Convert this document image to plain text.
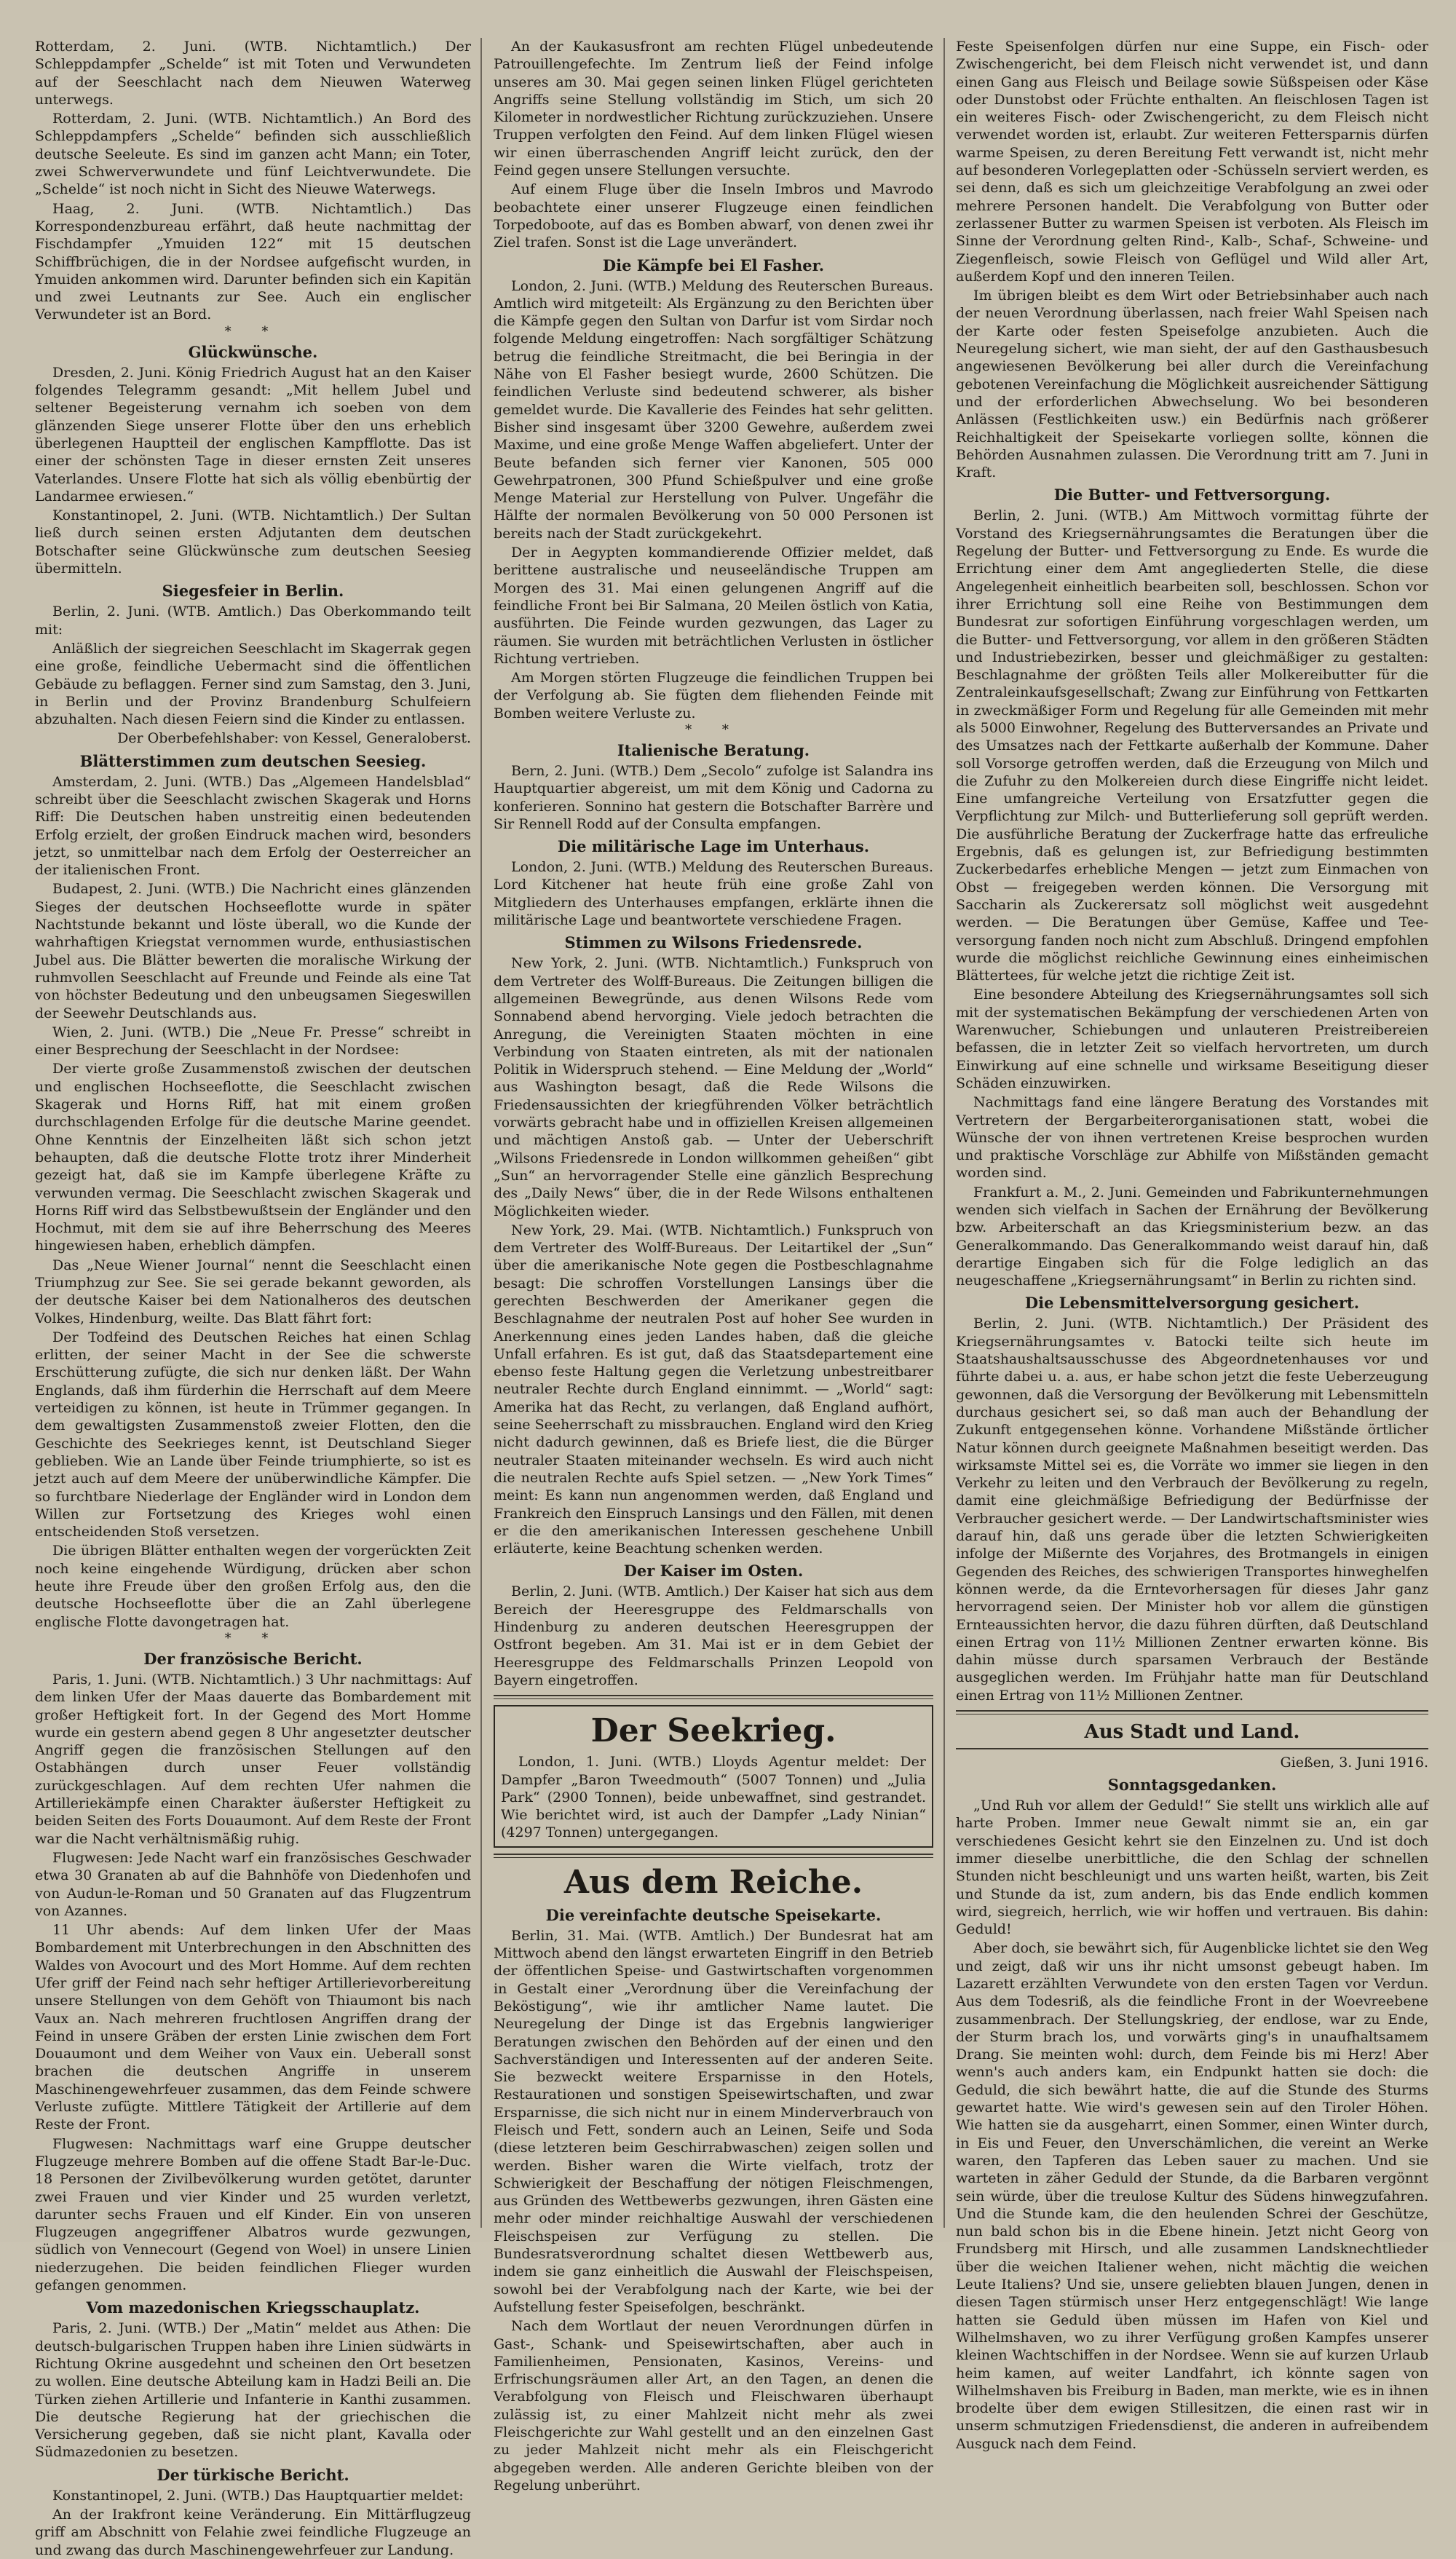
Rotterdam, 2. Juni. (WTB. Nichtamtlich.) Der Schleppdampfer „Schelde“ ist mit Toten und Verwundeten auf der Seeschlacht nach dem Nieuwen Waterweg unterwegs.

Rotterdam, 2. Juni. (WTB. Nichtamtlich.) An Bord des Schleppdampfers „Schelde“ befinden sich ausschließlich deutsche Seeleute. Es sind im ganzen acht Mann; ein Toter, zwei Schwerverwundete und fünf Leichtverwundete. Die „Schelde“ ist noch nicht in Sicht des Nieuwe Waterwegs.

Haag, 2. Juni. (WTB. Nichtamtlich.) Das Korrespondenzbureau erfährt, daß heute nachmittag der Fischdampfer „Ymuiden 122“ mit 15 deutschen Schiffbrüchigen, die in der Nordsee aufgefischt wurden, in Ymuiden ankommen wird. Darunter befinden sich ein Kapitän und zwei Leutnants zur See. Auch ein englischer Verwundeter ist an Bord.

* *
Glückwünsche.

Dresden, 2. Juni. König Friedrich August hat an den Kaiser folgendes Telegramm gesandt: „Mit hellem Jubel und seltener Begeisterung vernahm ich soeben von dem glänzenden Siege unserer Flotte über den uns erheblich überlegenen Hauptteil der englischen Kampfflotte. Das ist einer der schönsten Tage in dieser ernsten Zeit unseres Vaterlandes. Unsere Flotte hat sich als völlig ebenbürtig der Landarmee erwiesen.“

Konstantinopel, 2. Juni. (WTB. Nichtamtlich.) Der Sultan ließ durch seinen ersten Adjutanten dem deutschen Botschafter seine Glückwünsche zum deutschen Seesieg übermitteln.

Siegesfeier in Berlin.

Berlin, 2. Juni. (WTB. Amtlich.) Das Oberkommando teilt mit:

Anläßlich der siegreichen Seeschlacht im Skagerrak gegen eine große, feindliche Uebermacht sind die öffentlichen Gebäude zu beflaggen. Ferner sind zum Samstag, den 3. Juni, in Berlin und der Provinz Brandenburg Schulfeiern abzuhalten. Nach diesen Feiern sind die Kinder zu entlassen.

Der Oberbefehlshaber: von Kessel, Generaloberst.

Blätterstimmen zum deutschen Seesieg.

Amsterdam, 2. Juni. (WTB.) Das „Algemeen Handelsblad“ schreibt über die Seeschlacht zwischen Skagerak und Horns Riff: Die Deutschen haben unstreitig einen bedeutenden Erfolg erzielt, der großen Eindruck machen wird, besonders jetzt, so unmittelbar nach dem Erfolg der Oesterreicher an der italienischen Front.

Budapest, 2. Juni. (WTB.) Die Nachricht eines glänzenden Sieges der deutschen Hochseeflotte wurde in später Nachtstunde bekannt und löste überall, wo die Kunde der wahrhaftigen Kriegstat vernommen wurde, enthusiastischen Jubel aus. Die Blätter bewerten die moralische Wirkung der ruhmvollen Seeschlacht auf Freunde und Feinde als eine Tat von höchster Bedeutung und den unbeugsamen Siegeswillen der Seewehr Deutschlands aus.

Wien, 2. Juni. (WTB.) Die „Neue Fr. Presse“ schreibt in einer Besprechung der Seeschlacht in der Nordsee:

Der vierte große Zusammenstoß zwischen der deutschen und englischen Hochseeflotte, die Seeschlacht zwischen Skagerak und Horns Riff, hat mit einem großen durchschlagenden Erfolge für die deutsche Marine geendet. Ohne Kenntnis der Einzelheiten läßt sich schon jetzt behaupten, daß die deutsche Flotte trotz ihrer Minderheit gezeigt hat, daß sie im Kampfe überlegene Kräfte zu verwunden vermag. Die Seeschlacht zwischen Skagerak und Horns Riff wird das Selbstbewußtsein der Engländer und den Hochmut, mit dem sie auf ihre Beherrschung des Meeres hingewiesen haben, erheblich dämpfen.

Das „Neue Wiener Journal“ nennt die Seeschlacht einen Triumphzug zur See. Sie sei gerade bekannt geworden, als der deutsche Kaiser bei dem Nationalheros des deutschen Volkes, Hindenburg, weilte. Das Blatt fährt fort:

Der Todfeind des Deutschen Reiches hat einen Schlag erlitten, der seiner Macht in der See die schwerste Erschütterung zufügte, die sich nur denken läßt. Der Wahn Englands, daß ihm fürderhin die Herrschaft auf dem Meere verteidigen zu können, ist heute in Trümmer gegangen. In dem gewaltigsten Zusammenstoß zweier Flotten, den die Geschichte des Seekrieges kennt, ist Deutschland Sieger geblieben. Wie an Lande über Feinde triumphierte, so ist es jetzt auch auf dem Meere der unüberwindliche Kämpfer. Die so furchtbare Niederlage der Engländer wird in London dem Willen zur Fortsetzung des Krieges wohl einen entscheidenden Stoß versetzen.

Die übrigen Blätter enthalten wegen der vorgerückten Zeit noch keine eingehende Würdigung, drücken aber schon heute ihre Freude über den großen Erfolg aus, den die deutsche Hochseeflotte über die an Zahl überlegene englische Flotte davongetragen hat.

* *
Der französische Bericht.

Paris, 1. Juni. (WTB. Nichtamtlich.) 3 Uhr nachmittags: Auf dem linken Ufer der Maas dauerte das Bombardement mit großer Heftigkeit fort. In der Gegend des Mort Homme wurde ein gestern abend gegen 8 Uhr angesetzter deutscher Angriff gegen die französischen Stellungen auf den Ostabhängen durch unser Feuer vollständig zurückgeschlagen. Auf dem rechten Ufer nahmen die Artilleriekämpfe einen Charakter äußerster Heftigkeit zu beiden Seiten des Forts Douaumont. Auf dem Reste der Front war die Nacht verhältnismäßig ruhig.

Flugwesen: Jede Nacht warf ein französisches Geschwader etwa 30 Granaten ab auf die Bahnhöfe von Diedenhofen und von Audun-le-Roman und 50 Granaten auf das Flugzentrum von Azannes.

11 Uhr abends: Auf dem linken Ufer der Maas Bombardement mit Unterbrechungen in den Abschnitten des Waldes von Avocourt und des Mort Homme. Auf dem rechten Ufer griff der Feind nach sehr heftiger Artillerievorbereitung unsere Stellungen von dem Gehöft von Thiaumont bis nach Vaux an. Nach mehreren fruchtlosen Angriffen drang der Feind in unsere Gräben der ersten Linie zwischen dem Fort Douaumont und dem Weiher von Vaux ein. Ueberall sonst brachen die deutschen Angriffe in unserem Maschinengewehrfeuer zusammen, das dem Feinde schwere Verluste zufügte. Mittlere Tätigkeit der Artillerie auf dem Reste der Front.

Flugwesen: Nachmittags warf eine Gruppe deutscher Flugzeuge mehrere Bomben auf die offene Stadt Bar-le-Duc. 18 Personen der Zivilbevölkerung wurden getötet, darunter zwei Frauen und vier Kinder und 25 wurden verletzt, darunter sechs Frauen und elf Kinder. Ein von unseren Flugzeugen angegriffener Albatros wurde gezwungen, südlich von Vennecourt (Gegend von Woel) in unsere Linien niederzugehen. Die beiden feindlichen Flieger wurden gefangen genommen.

Vom mazedonischen Kriegsschauplatz.

Paris, 2. Juni. (WTB.) Der „Matin“ meldet aus Athen: Die deutsch-bulgarischen Truppen haben ihre Linien südwärts in Richtung Okrine ausgedehnt und scheinen den Ort besetzen zu wollen. Eine deutsche Abteilung kam in Hadzi Beili an. Die Türken ziehen Artillerie und Infanterie in Kanthi zusammen. Die deutsche Regierung hat der griechischen die Versicherung gegeben, daß sie nicht plant, Kavalla oder Südmazedonien zu besetzen.

Der türkische Bericht.

Konstantinopel, 2. Juni. (WTB.) Das Hauptquartier meldet:

An der Irakfront keine Veränderung. Ein Mittärflugzeug griff am Abschnitt von Felahie zwei feindliche Flugzeuge an und zwang das durch Maschinengewehrfeuer zur Landung.

An der Kaukasusfront am rechten Flügel unbedeutende Patrouillengefechte. Im Zentrum ließ der Feind infolge unseres am 30. Mai gegen seinen linken Flügel gerichteten Angriffs seine Stellung vollständig im Stich, um sich 20 Kilometer in nordwestlicher Richtung zurückzuziehen. Unsere Truppen verfolgten den Feind. Auf dem linken Flügel wiesen wir einen überraschenden Angriff leicht zurück, den der Feind gegen unsere Stellungen versuchte.

Auf einem Fluge über die Inseln Imbros und Mavrodo beobachtete einer unserer Flugzeuge einen feindlichen Torpedoboote, auf das es Bomben abwarf, von denen zwei ihr Ziel trafen. Sonst ist die Lage unverändert.

Die Kämpfe bei El Fasher.

London, 2. Juni. (WTB.) Meldung des Reuterschen Bureaus. Amtlich wird mitgeteilt: Als Ergänzung zu den Berichten über die Kämpfe gegen den Sultan von Darfur ist vom Sirdar noch folgende Meldung eingetroffen: Nach sorgfältiger Schätzung betrug die feindliche Streitmacht, die bei Beringia in der Nähe von El Fasher besiegt wurde, 2600 Schützen. Die feindlichen Verluste sind bedeutend schwerer, als bisher gemeldet wurde. Die Kavallerie des Feindes hat sehr gelitten. Bisher sind insgesamt über 3200 Gewehre, außerdem zwei Maxime, und eine große Menge Waffen abgeliefert. Unter der Beute befanden sich ferner vier Kanonen, 505 000 Gewehrpatronen, 300 Pfund Schießpulver und eine große Menge Material zur Herstellung von Pulver. Ungefähr die Hälfte der normalen Bevölkerung von 50 000 Personen ist bereits nach der Stadt zurückgekehrt.

Der in Aegypten kommandierende Offizier meldet, daß berittene australische und neuseeländische Truppen am Morgen des 31. Mai einen gelungenen Angriff auf die feindliche Front bei Bir Salmana, 20 Meilen östlich von Katia, ausführten. Die Feinde wurden gezwungen, das Lager zu räumen. Sie wurden mit beträchtlichen Verlusten in östlicher Richtung vertrieben.

Am Morgen störten Flugzeuge die feindlichen Truppen bei der Verfolgung ab. Sie fügten dem fliehenden Feinde mit Bomben weitere Verluste zu.

* *
Italienische Beratung.

Bern, 2. Juni. (WTB.) Dem „Secolo“ zufolge ist Salandra ins Hauptquartier abgereist, um mit dem König und Cadorna zu konferieren. Sonnino hat gestern die Botschafter Barrère und Sir Rennell Rodd auf der Consulta empfangen.

Die militärische Lage im Unterhaus.

London, 2. Juni. (WTB.) Meldung des Reuterschen Bureaus. Lord Kitchener hat heute früh eine große Zahl von Mitgliedern des Unterhauses empfangen, erklärte ihnen die militärische Lage und beantwortete verschiedene Fragen.

Stimmen zu Wilsons Friedensrede.

New York, 2. Juni. (WTB. Nichtamtlich.) Funkspruch von dem Vertreter des Wolff-Bureaus. Die Zeitungen billigen die allgemeinen Bewegründe, aus denen Wilsons Rede vom Sonnabend abend hervorging. Viele jedoch betrachten die Anregung, die Vereinigten Staaten möchten in eine Verbindung von Staaten eintreten, als mit der nationalen Politik in Widerspruch stehend. — Eine Meldung der „World“ aus Washington besagt, daß die Rede Wilsons die Friedensaussichten der kriegführenden Völker beträchtlich vorwärts gebracht habe und in offiziellen Kreisen allgemeinen und mächtigen Anstoß gab. — Unter der Ueberschrift „Wilsons Friedensrede in London willkommen geheißen“ gibt „Sun“ an hervorragender Stelle eine gänzlich Besprechung des „Daily News“ über, die in der Rede Wilsons enthaltenen Möglichkeiten wieder.

New York, 29. Mai. (WTB. Nichtamtlich.) Funkspruch von dem Vertreter des Wolff-Bureaus. Der Leitartikel der „Sun“ über die amerikanische Note gegen die Postbeschlagnahme besagt: Die schroffen Vorstellungen Lansings über die gerechten Beschwerden der Amerikaner gegen die Beschlagnahme der neutralen Post auf hoher See wurden in Anerkennung eines jeden Landes haben, daß die gleiche Unfall erfahren. Es ist gut, daß das Staatsdepartement eine ebenso feste Haltung gegen die Verletzung unbestreitbarer neutraler Rechte durch England einnimmt. — „World“ sagt: Amerika hat das Recht, zu verlangen, daß England aufhört, seine Seeherrschaft zu missbrauchen. England wird den Krieg nicht dadurch gewinnen, daß es Briefe liest, die die Bürger neutraler Staaten miteinander wechseln. Es wird auch nicht die neutralen Rechte aufs Spiel setzen. — „New York Times“ meint: Es kann nun angenommen werden, daß England und Frankreich den Einspruch Lansings und den Fällen, mit denen er die den amerikanischen Interessen geschehene Unbill erläuterte, keine Beachtung schenken werden.

Der Kaiser im Osten.

Berlin, 2. Juni. (WTB. Amtlich.) Der Kaiser hat sich aus dem Bereich der Heeresgruppe des Feldmarschalls von Hindenburg zu anderen deutschen Heeresgruppen der Ostfront begeben. Am 31. Mai ist er in dem Gebiet der Heeresgruppe des Feldmarschalls Prinzen Leopold von Bayern eingetroffen.

Der Seekrieg.

London, 1. Juni. (WTB.) Lloyds Agentur meldet: Der Dampfer „Baron Tweedmouth“ (5007 Tonnen) und „Julia Park“ (2900 Tonnen), beide unbewaffnet, sind gestrandet. Wie berichtet wird, ist auch der Dampfer „Lady Ninian“ (4297 Tonnen) untergegangen.

Aus dem Reiche.
Die vereinfachte deutsche Speisekarte.

Berlin, 31. Mai. (WTB. Amtlich.) Der Bundesrat hat am Mittwoch abend den längst erwarteten Eingriff in den Betrieb der öffentlichen Speise- und Gastwirtschaften vorgenommen in Gestalt einer „Verordnung über die Vereinfachung der Beköstigung“, wie ihr amtlicher Name lautet. Die Neuregelung der Dinge ist das Ergebnis langwieriger Beratungen zwischen den Behörden auf der einen und den Sachverständigen und Interessenten auf der anderen Seite. Sie bezweckt weitere Ersparnisse in den Hotels, Restaurationen und sonstigen Speisewirtschaften, und zwar Ersparnisse, die sich nicht nur in einem Minderverbrauch von Fleisch und Fett, sondern auch an Leinen, Seife und Soda (diese letzteren beim Geschirrabwaschen) zeigen sollen und werden. Bisher waren die Wirte vielfach, trotz der Schwierigkeit der Beschaffung der nötigen Fleischmengen, aus Gründen des Wettbewerbs gezwungen, ihren Gästen eine mehr oder minder reichhaltige Auswahl der verschiedenen Fleischspeisen zur Verfügung zu stellen. Die Bundesratsverordnung schaltet diesen Wettbewerb aus, indem sie ganz einheitlich die Auswahl der Fleischspeisen, sowohl bei der Verabfolgung nach der Karte, wie bei der Aufstellung fester Speisefolgen, beschränkt.

Nach dem Wortlaut der neuen Verordnungen dürfen in Gast-, Schank- und Speisewirtschaften, aber auch in Familienheimen, Pensionaten, Kasinos, Vereins- und Erfrischungsräumen aller Art, an den Tagen, an denen die Verabfolgung von Fleisch und Fleischwaren überhaupt zulässig ist, zu einer Mahlzeit nicht mehr als zwei Fleischgerichte zur Wahl gestellt und an den einzelnen Gast zu jeder Mahlzeit nicht mehr als ein Fleischgericht abgegeben werden. Alle anderen Gerichte bleiben von der Regelung unberührt.

Feste Speisenfolgen dürfen nur eine Suppe, ein Fisch- oder Zwischengericht, bei dem Fleisch nicht verwendet ist, und dann einen Gang aus Fleisch und Beilage sowie Süßspeisen oder Käse oder Dunstobst oder Früchte enthalten. An fleischlosen Tagen ist ein weiteres Fisch- oder Zwischengericht, zu dem Fleisch nicht verwendet worden ist, erlaubt. Zur weiteren Fettersparnis dürfen warme Speisen, zu deren Bereitung Fett verwandt ist, nicht mehr auf besonderen Vorlegeplatten oder -Schüsseln serviert werden, es sei denn, daß es sich um gleichzeitige Verabfolgung an zwei oder mehrere Personen handelt. Die Verabfolgung von Butter oder zerlassener Butter zu warmen Speisen ist verboten. Als Fleisch im Sinne der Verordnung gelten Rind-, Kalb-, Schaf-, Schweine- und Ziegenfleisch, sowie Fleisch von Geflügel und Wild aller Art, außerdem Kopf und den inneren Teilen.

Im übrigen bleibt es dem Wirt oder Betriebsinhaber auch nach der neuen Verordnung überlassen, nach freier Wahl Speisen nach der Karte oder festen Speisefolge anzubieten. Auch die Neuregelung sichert, wie man sieht, der auf den Gasthausbesuch angewiesenen Bevölkerung bei aller durch die Vereinfachung gebotenen Vereinfachung die Möglichkeit ausreichender Sättigung und der erforderlichen Abwechselung. Wo bei besonderen Anlässen (Festlichkeiten usw.) ein Bedürfnis nach größerer Reichhaltigkeit der Speisekarte vorliegen sollte, können die Behörden Ausnahmen zulassen. Die Verordnung tritt am 7. Juni in Kraft.

Die Butter- und Fettversorgung.

Berlin, 2. Juni. (WTB.) Am Mittwoch vormittag führte der Vorstand des Kriegsernährungsamtes die Beratungen über die Regelung der Butter- und Fettversorgung zu Ende. Es wurde die Errichtung einer dem Amt angegliederten Stelle, die diese Angelegenheit einheitlich bearbeiten soll, beschlossen. Schon vor ihrer Errichtung soll eine Reihe von Bestimmungen dem Bundesrat zur sofortigen Einführung vorgeschlagen werden, um die Butter- und Fettversorgung, vor allem in den größeren Städten und Industriebezirken, besser und gleichmäßiger zu gestalten: Beschlagnahme der größten Teils aller Molkereibutter für die Zentraleinkaufsgesellschaft; Zwang zur Einführung von Fettkarten in zweckmäßiger Form und Regelung für alle Gemeinden mit mehr als 5000 Einwohner, Regelung des Butterversandes an Private und des Umsatzes nach der Fettkarte außerhalb der Kommune. Daher soll Vorsorge getroffen werden, daß die Erzeugung von Milch und die Zufuhr zu den Molkereien durch diese Eingriffe nicht leidet. Eine umfangreiche Verteilung von Ersatzfutter gegen die Verpflichtung zur Milch- und Butterlieferung soll geprüft werden. Die ausführliche Beratung der Zuckerfrage hatte das erfreuliche Ergebnis, daß es gelungen ist, zur Befriedigung bestimmten Zuckerbedarfes erhebliche Mengen — jetzt zum Einmachen von Obst — freigegeben werden können. Die Versorgung mit Saccharin als Zuckerersatz soll möglichst weit ausgedehnt werden. — Die Beratungen über Gemüse, Kaffee und Tee-versorgung fanden noch nicht zum Abschluß. Dringend empfohlen wurde die möglichst reichliche Gewinnung eines einheimischen Blättertees, für welche jetzt die richtige Zeit ist.

Eine besondere Abteilung des Kriegsernährungsamtes soll sich mit der systematischen Bekämpfung der verschiedenen Arten von Warenwucher, Schiebungen und unlauteren Preistreibereien befassen, die in letzter Zeit so vielfach hervortreten, um durch Einwirkung auf eine schnelle und wirksame Beseitigung dieser Schäden einzuwirken.

Nachmittags fand eine längere Beratung des Vorstandes mit Vertretern der Bergarbeiterorganisationen statt, wobei die Wünsche der von ihnen vertretenen Kreise besprochen wurden und praktische Vorschläge zur Abhilfe von Mißständen gemacht worden sind.

Frankfurt a. M., 2. Juni. Gemeinden und Fabrikunternehmungen wenden sich vielfach in Sachen der Ernährung der Bevölkerung bzw. Arbeiterschaft an das Kriegsministerium bezw. an das Generalkommando. Das Generalkommando weist darauf hin, daß derartige Eingaben sich für die Folge lediglich an das neugeschaffene „Kriegsernährungsamt“ in Berlin zu richten sind.

Die Lebensmittelversorgung gesichert.

Berlin, 2. Juni. (WTB. Nichtamtlich.) Der Präsident des Kriegsernährungsamtes v. Batocki teilte sich heute im Staatshaushaltsausschusse des Abgeordnetenhauses vor und führte dabei u. a. aus, er habe schon jetzt die feste Ueberzeugung gewonnen, daß die Versorgung der Bevölkerung mit Lebensmitteln durchaus gesichert sei, so daß man auch der Behandlung der Zukunft entgegensehen könne. Vorhandene Mißstände örtlicher Natur können durch geeignete Maßnahmen beseitigt werden. Das wirksamste Mittel sei es, die Vorräte wo immer sie liegen in den Verkehr zu leiten und den Verbrauch der Bevölkerung zu regeln, damit eine gleichmäßige Befriedigung der Bedürfnisse der Verbraucher gesichert werde. — Der Landwirtschaftsminister wies darauf hin, daß uns gerade über die letzten Schwierigkeiten infolge der Mißernte des Vorjahres, des Brotmangels in einigen Gegenden des Reiches, des schwierigen Transportes hinweghelfen können werde, da die Erntevorhersagen für dieses Jahr ganz hervorragend seien. Der Minister hob vor allem die günstigen Ernteaussichten hervor, die dazu führen dürften, daß Deutschland einen Ertrag von 11½ Millionen Zentner erwarten könne. Bis dahin müsse durch sparsamen Verbrauch der Bestände ausgeglichen werden. Im Frühjahr hatte man für Deutschland einen Ertrag von 11½ Millionen Zentner.

Aus Stadt und Land.
Gießen, 3. Juni 1916.
Sonntagsgedanken.

„Und Ruh vor allem der Geduld!“ Sie stellt uns wirklich alle auf harte Proben. Immer neue Gewalt nimmt sie an, ein gar verschiedenes Gesicht kehrt sie den Einzelnen zu. Und ist doch immer dieselbe unerbittliche, die den Schlag der schnellen Stunden nicht beschleunigt und uns warten heißt, warten, bis Zeit und Stunde da ist, zum andern, bis das Ende endlich kommen wird, siegreich, herrlich, wie wir hoffen und vertrauen. Bis dahin: Geduld!

Aber doch, sie bewährt sich, für Augenblicke lichtet sie den Weg und zeigt, daß wir uns ihr nicht umsonst gebeugt haben. Im Lazarett erzählten Verwundete von den ersten Tagen vor Verdun. Aus dem Todesriß, als die feindliche Front in der Woevreebene zusammenbrach. Der Stellungskrieg, der endlose, war zu Ende, der Sturm brach los, und vorwärts ging's in unaufhaltsamem Drang. Sie meinten wohl: durch, dem Feinde bis mi Herz! Aber wenn's auch anders kam, ein Endpunkt hatten sie doch: die Geduld, die sich bewährt hatte, die auf die Stunde des Sturms gewartet hatte. Wie wird's gewesen sein auf den Tiroler Höhen. Wie hatten sie da ausgeharrt, einen Sommer, einen Winter durch, in Eis und Feuer, den Unverschämlichen, die vereint an Werke waren, den Tapferen das Leben sauer zu machen. Und sie warteten in zäher Geduld der Stunde, da die Barbaren vergönnt sein würde, über die treulose Kultur des Südens hinwegzufahren. Und die Stunde kam, die den heulenden Schrei der Geschütze, nun bald schon bis in die Ebene hinein. Jetzt nicht Georg von Frundsberg mit Hirsch, und alle zusammen Landsknechtlieder über die weichen Italiener wehen, nicht mächtig die weichen Leute Italiens? Und sie, unsere geliebten blauen Jungen, denen in diesen Tagen stürmisch unser Herz entgegenschlägt! Wie lange hatten sie Geduld üben müssen im Hafen von Kiel und Wilhelmshaven, wo zu ihrer Verfügung großen Kampfes unserer kleinen Wachtschiffen in der Nordsee. Wenn sie auf kurzen Urlaub heim kamen, auf weiter Landfahrt, ich könnte sagen von Wilhelmshaven bis Freiburg in Baden, man merkte, wie es in ihnen brodelte über dem ewigen Stillesitzen, die einen rast wir in unserm schmutzigen Friedensdienst, die anderen in aufreibendem Ausguck nach dem Feind.
